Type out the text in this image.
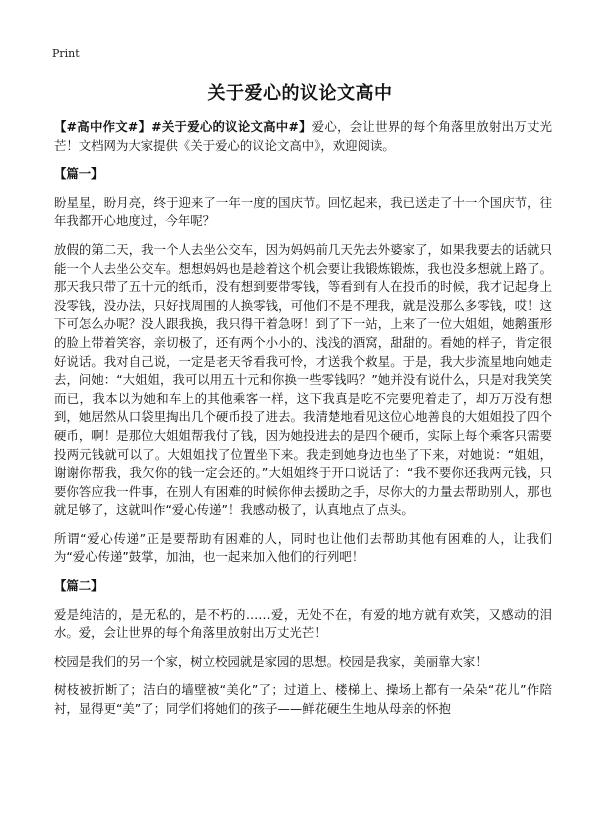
Print
关于爱心的议论文高中

【#高中作文#】#关于爱心的议论文高中#】爱心，会让世界的每个角落里放射出万丈光芒！文档网为大家提供《关于爱心的议论文高中》，欢迎阅读。

【篇一】

盼星星，盼月亮，终于迎来了一年一度的国庆节。回忆起来，我已送走了十一个国庆节，往年我都开心地度过，今年呢？

放假的第二天，我一个人去坐公交车，因为妈妈前几天先去外婆家了，如果我要去的话就只能一个人去坐公交车。想想妈妈也是趁着这个机会要让我锻炼锻炼，我也没多想就上路了。那天我只带了五十元的纸币，没有想到要带零钱，等看到有人在投币的时候，我才记起身上没零钱，没办法，只好找周围的人换零钱，可他们不是不理我，就是没那么多零钱，哎！这下可怎么办呢？没人跟我换，我只得干着急呀！到了下一站，上来了一位大姐姐，她鹅蛋形的脸上带着笑容，亲切极了，还有两个小小的、浅浅的酒窝，甜甜的。看她的样子，肯定很好说话。我对自己说，一定是老天爷看我可怜，才送我个救星。于是，我大步流星地向她走去，问她：“大姐姐，我可以用五十元和你换一些零钱吗？”她并没有说什么，只是对我笑笑而已，我本以为她和车上的其他乘客一样，这下我真是吃不完要兜着走了，却万万没有想到，她居然从口袋里掏出几个硬币投了进去。我清楚地看见这位心地善良的大姐姐投了四个硬币，啊！是那位大姐姐帮我付了钱，因为她投进去的是四个硬币，实际上每个乘客只需要投两元钱就可以了。大姐姐找了位置坐下来。我走到她身边也坐了下来，对她说：“姐姐，谢谢你帮我，我欠你的钱一定会还的。”大姐姐终于开口说话了：“我不要你还我两元钱，只要你答应我一件事，在别人有困难的时候你伸去援助之手，尽你大的力量去帮助别人，那也就足够了，这就叫作“爱心传递”！我感动极了，认真地点了点头。

所谓“爱心传递”正是要帮助有困难的人，同时也让他们去帮助其他有困难的人，让我们为“爱心传递”鼓掌，加油，也一起来加入他们的行列吧！

【篇二】

爱是纯洁的，是无私的，是不朽的……爱，无处不在，有爱的地方就有欢笑，又感动的泪水。爱，会让世界的每个角落里放射出万丈光芒！

校园是我们的另一个家，树立校园就是家园的思想。校园是我家，美丽靠大家！

树枝被折断了；洁白的墙壁被“美化”了；过道上、楼梯上、操场上都有一朵朵“花儿”作陪衬，显得更“美”了；同学们将她们的孩子——鲜花硬生生地从母亲的怀抱
